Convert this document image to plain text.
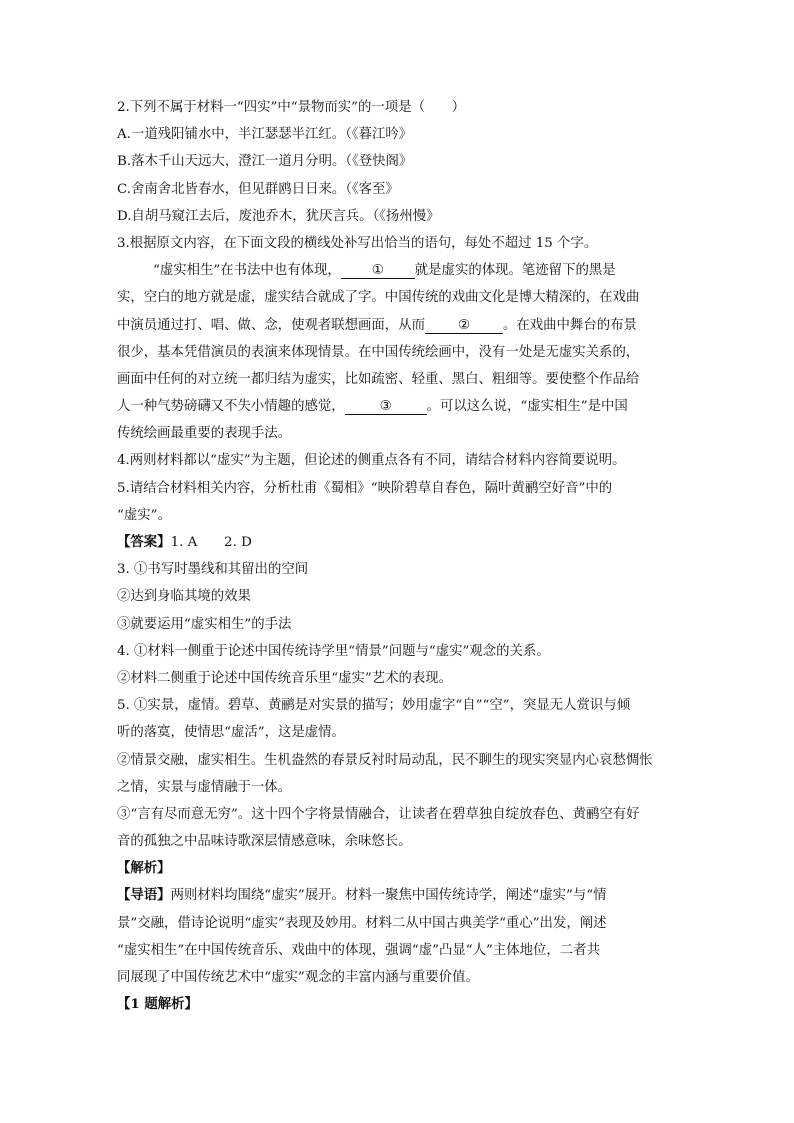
2.下列不属于材料一“四实”中“景物而实”的一项是（　　）
A.一道残阳铺水中，半江瑟瑟半江红。（《暮江吟》
B.落木千山天远大，澄江一道月分明。（《登快阁》
C.舍南舍北皆春水，但见群鸥日日来。（《客至》
D.自胡马窥江去后，废池乔木，犹厌言兵。（《扬州慢》
3.根据原文内容，在下面文段的横线处补写出恰当的语句，每处不超过 15 个字。
“虚实相生”在书法中也有体现， ① 就是虚实的体现。笔迹留下的黑是
实，空白的地方就是虚，虚实结合就成了字。中国传统的戏曲文化是博大精深的，在戏曲
中演员通过打、唱、做、念，使观者联想画面，从而 ② 。在戏曲中舞台的布景
很少，基本凭借演员的表演来体现情景。在中国传统绘画中，没有一处是无虚实关系的，
画面中任何的对立统一都归结为虚实，比如疏密、轻重、黑白、粗细等。要使整个作品给
人一种气势磅礴又不失小情趣的感觉，	③	。可以这么说，“虚实相生”是中国
传统绘画最重要的表现手法。
4.两则材料都以“虚实”为主题，但论述的侧重点各有不同，请结合材料内容简要说明。
5.请结合材料相关内容，分析杜甫《蜀相》“映阶碧草自春色，隔叶黄鹂空好音”中的
“虚实”。
【答案】1. A　　2. D
3. ①书写时墨线和其留出的空间
②达到身临其境的效果
③就要运用“虚实相生”的手法
4. ①材料一侧重于论述中国传统诗学里“情景”问题与“虚实”观念的关系。
②材料二侧重于论述中国传统音乐里“虚实”艺术的表现。
5. ①实景，虚情。碧草、黄鹂是对实景的描写；妙用虚字“自”“空”，突显无人赏识与倾
听的落寞，使情思“虚活”，这是虚情。
②情景交融，虚实相生。生机盎然的春景反衬时局动乱，民不聊生的现实突显内心哀愁惆怅
之情，实景与虚情融于一体。
③“言有尽而意无穷”。这十四个字将景情融合，让读者在碧草独自绽放春色、黄鹂空有好
音的孤独之中品味诗歌深层情感意味，余味悠长。
【解析】
【导语】两则材料均围绕“虚实”展开。材料一聚焦中国传统诗学，阐述“虚实”与“情
景”交融，借诗论说明“虚实”表现及妙用。材料二从中国古典美学“重心”出发，阐述
“虚实相生”在中国传统音乐、戏曲中的体现，强调“虚”凸显“人”主体地位，二者共
同展现了中国传统艺术中“虚实”观念的丰富内涵与重要价值。
【1 题解析】
